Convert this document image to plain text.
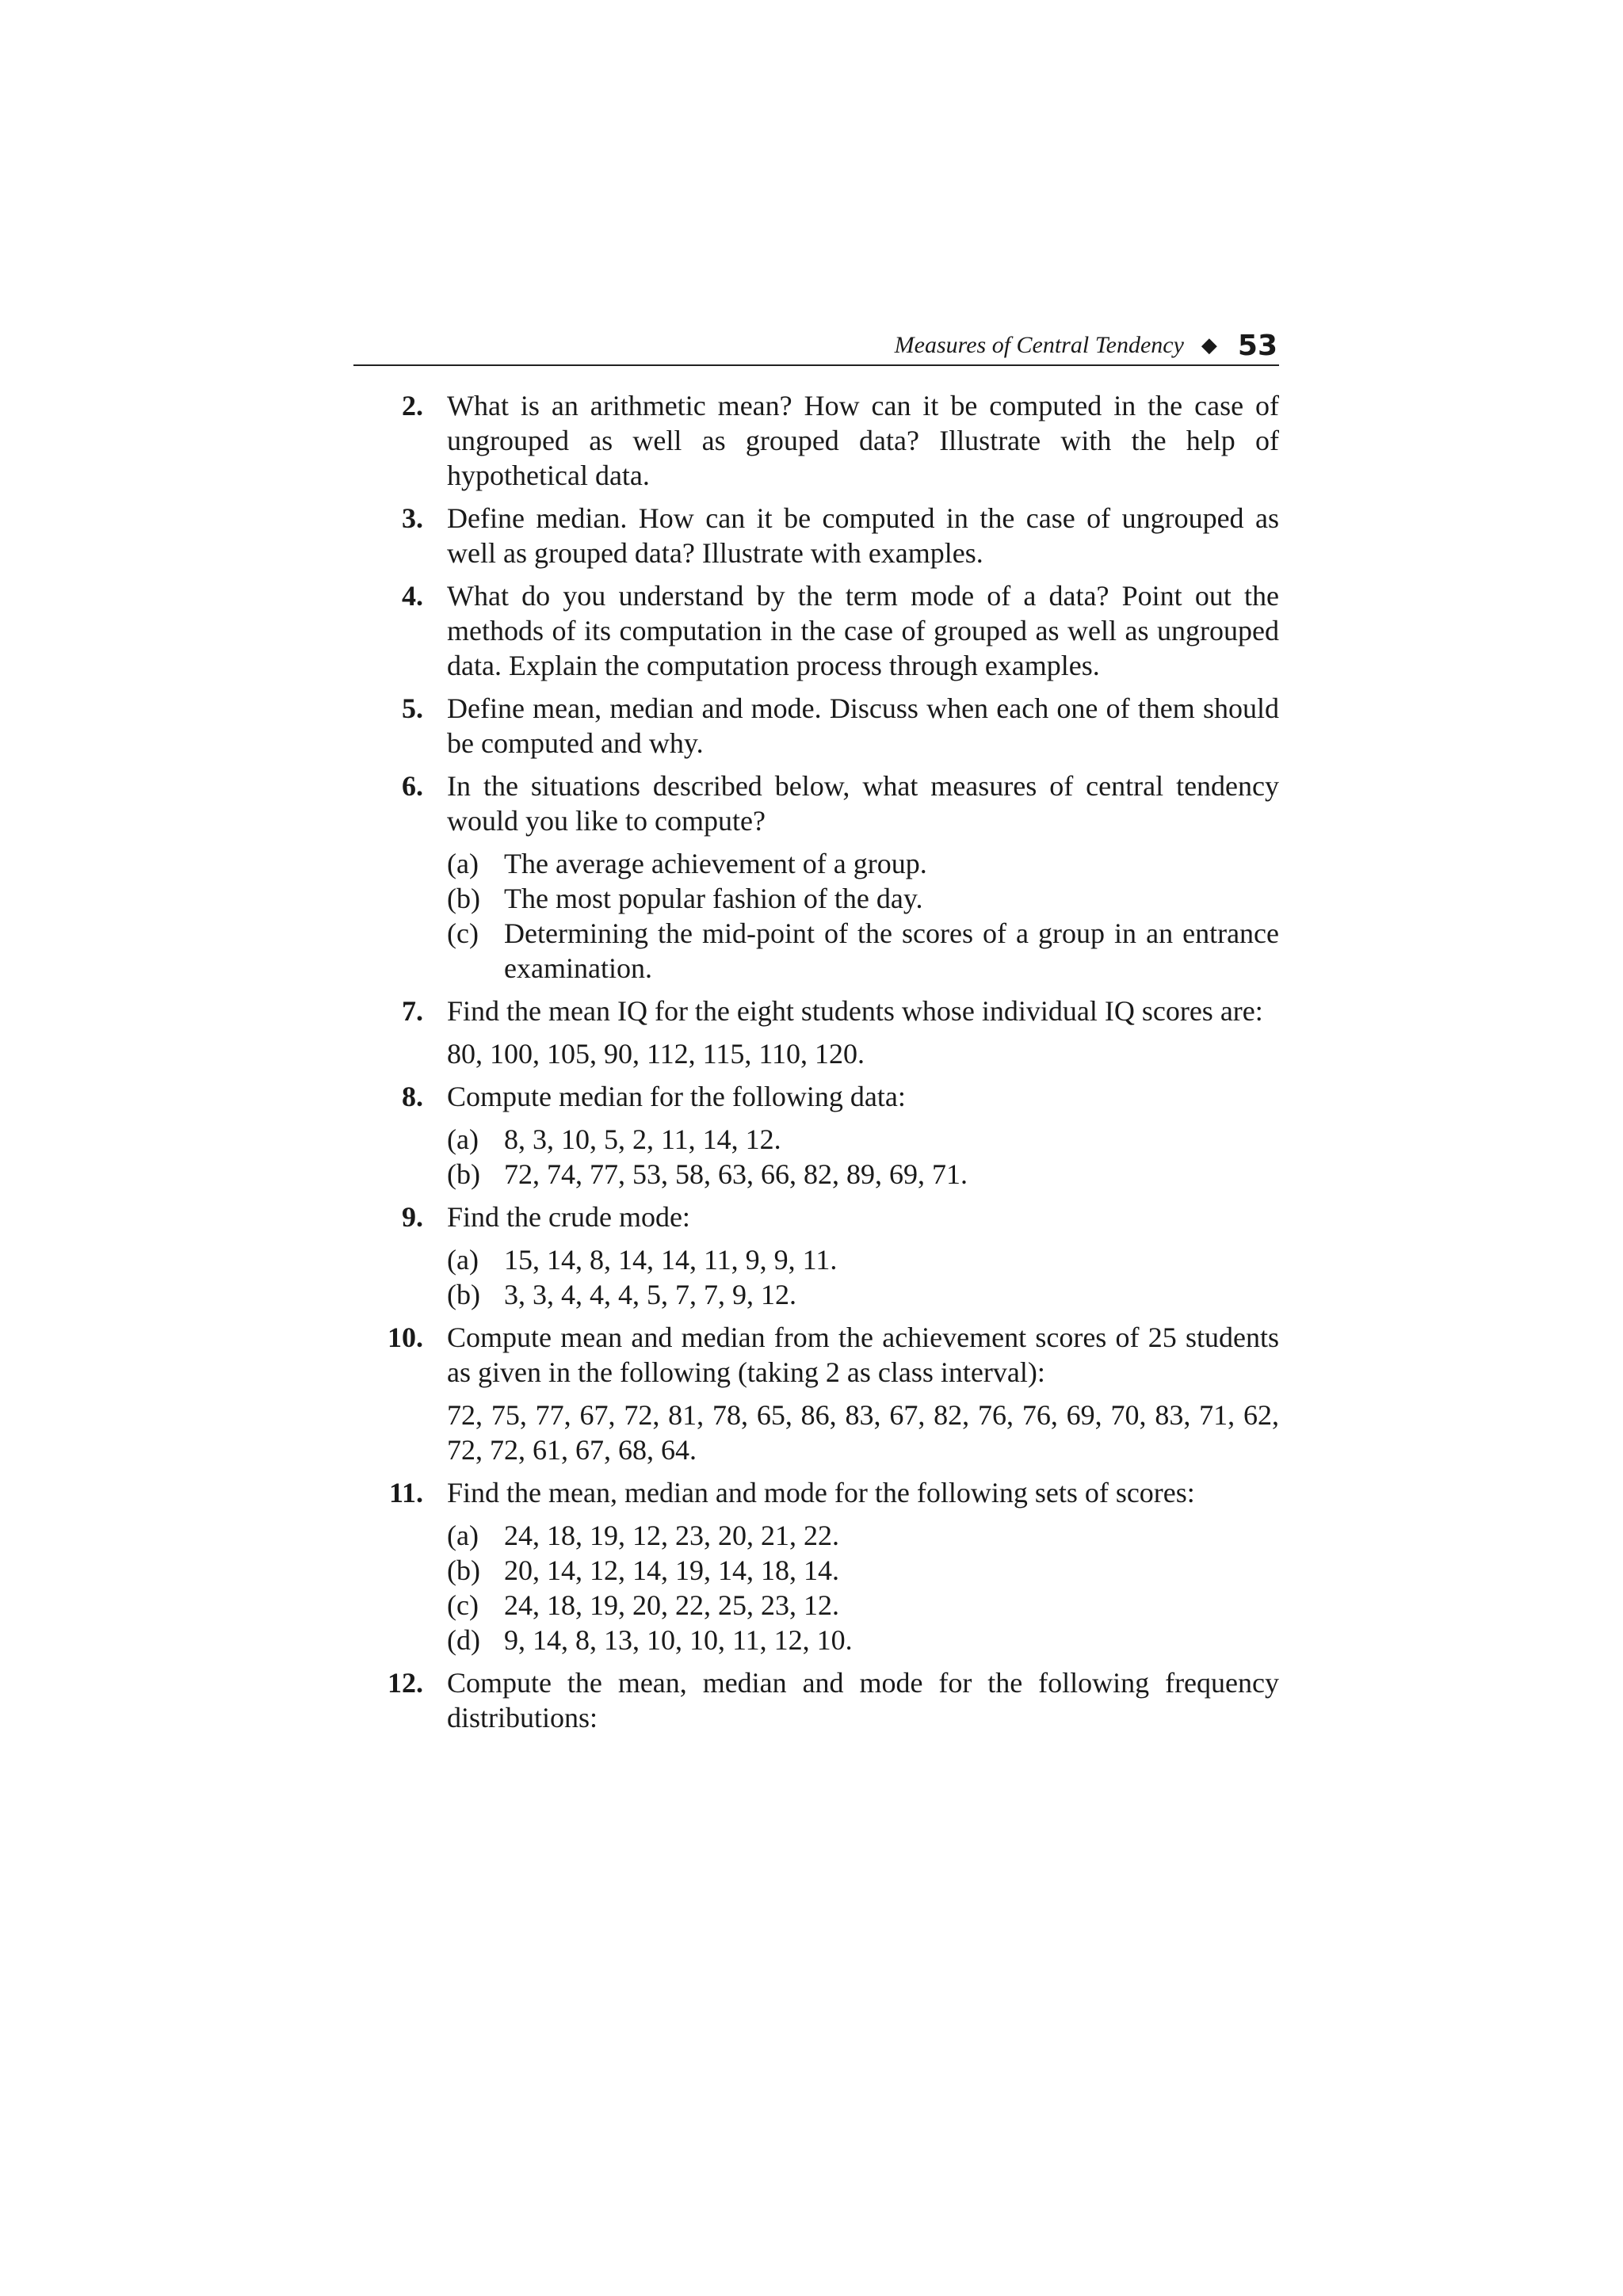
Measures of Central Tendency ◆ 53
2. What is an arithmetic mean? How can it be computed in the case of ungrouped as well as grouped data? Illustrate with the help of hypothetical data.
3. Define median. How can it be computed in the case of ungrouped as well as grouped data? Illustrate with examples.
4. What do you understand by the term mode of a data? Point out the methods of its computation in the case of grouped as well as ungrouped data. Explain the computation process through examples.
5. Define mean, median and mode. Discuss when each one of them should be computed and why.
6. In the situations described below, what measures of central tendency would you like to compute?
(a) The average achievement of a group.
(b) The most popular fashion of the day.
(c) Determining the mid-point of the scores of a group in an entrance examination.
7. Find the mean IQ for the eight students whose individual IQ scores are:
80, 100, 105, 90, 112, 115, 110, 120.
8. Compute median for the following data:
(a) 8, 3, 10, 5, 2, 11, 14, 12.
(b) 72, 74, 77, 53, 58, 63, 66, 82, 89, 69, 71.
9. Find the crude mode:
(a) 15, 14, 8, 14, 14, 11, 9, 9, 11.
(b) 3, 3, 4, 4, 4, 5, 7, 7, 9, 12.
10. Compute mean and median from the achievement scores of 25 students as given in the following (taking 2 as class interval):
72, 75, 77, 67, 72, 81, 78, 65, 86, 83, 67, 82, 76, 76, 69, 70, 83, 71, 62, 72, 72, 61, 67, 68, 64.
11. Find the mean, median and mode for the following sets of scores:
(a) 24, 18, 19, 12, 23, 20, 21, 22.
(b) 20, 14, 12, 14, 19, 14, 18, 14.
(c) 24, 18, 19, 20, 22, 25, 23, 12.
(d) 9, 14, 8, 13, 10, 10, 11, 12, 10.
12. Compute the mean, median and mode for the following frequency distributions:
